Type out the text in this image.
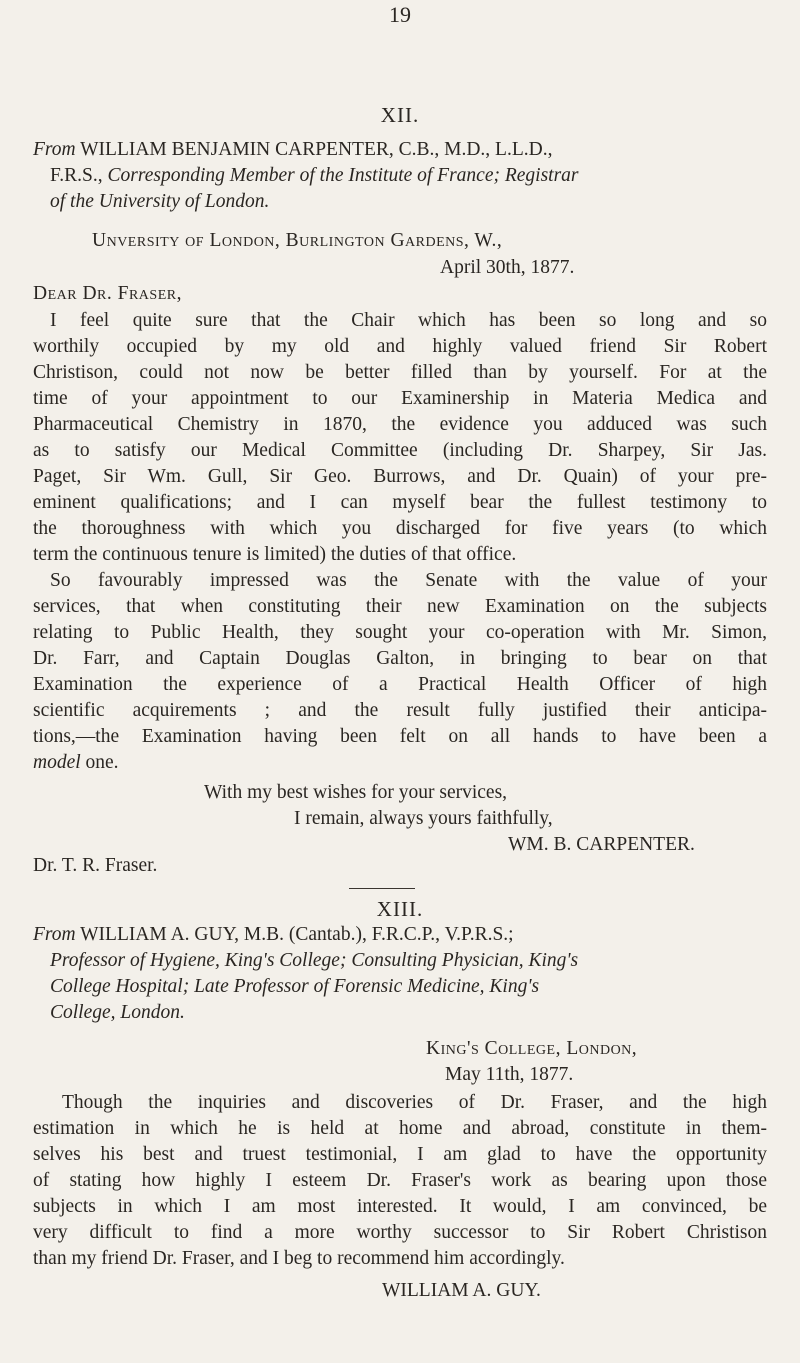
19
XII.
From WILLIAM BENJAMIN CARPENTER, C.B., M.D., L.L.D.,
F.R.S., Corresponding Member of the Institute of France; Registrar
of the University of London.
Unversity of London, Burlington Gardens, W.,
April 30th, 1877.
Dear Dr. Fraser,
I feel quite sure that the Chair which has been so long and so
worthily occupied by my old and highly valued friend Sir Robert
Christison, could not now be better filled than by yourself. For at the
time of your appointment to our Examinership in Materia Medica and
Pharmaceutical Chemistry in 1870, the evidence you adduced was such
as to satisfy our Medical Committee (including Dr. Sharpey, Sir Jas.
Paget, Sir Wm. Gull, Sir Geo. Burrows, and Dr. Quain) of your pre-
eminent qualifications; and I can myself bear the fullest testimony to
the thoroughness with which you discharged for five years (to which
term the continuous tenure is limited) the duties of that office.
So favourably impressed was the Senate with the value of your
services, that when constituting their new Examination on the subjects
relating to Public Health, they sought your co-operation with Mr. Simon,
Dr. Farr, and Captain Douglas Galton, in bringing to bear on that
Examination the experience of a Practical Health Officer of high
scientific acquirements ; and the result fully justified their anticipa-
tions,—the Examination having been felt on all hands to have been a
model one.
With my best wishes for your services,
I remain, always yours faithfully,
WM. B. CARPENTER.
Dr. T. R. Fraser.
XIII.
From WILLIAM A. GUY, M.B. (Cantab.), F.R.C.P., V.P.R.S.;
Professor of Hygiene, King's College; Consulting Physician, King's
College Hospital; Late Professor of Forensic Medicine, King's
College, London.
King's College, London,
May 11th, 1877.
Though the inquiries and discoveries of Dr. Fraser, and the high
estimation in which he is held at home and abroad, constitute in them-
selves his best and truest testimonial, I am glad to have the opportunity
of stating how highly I esteem Dr. Fraser's work as bearing upon those
subjects in which I am most interested. It would, I am convinced, be
very difficult to find a more worthy successor to Sir Robert Christison
than my friend Dr. Fraser, and I beg to recommend him accordingly.
WILLIAM A. GUY.
